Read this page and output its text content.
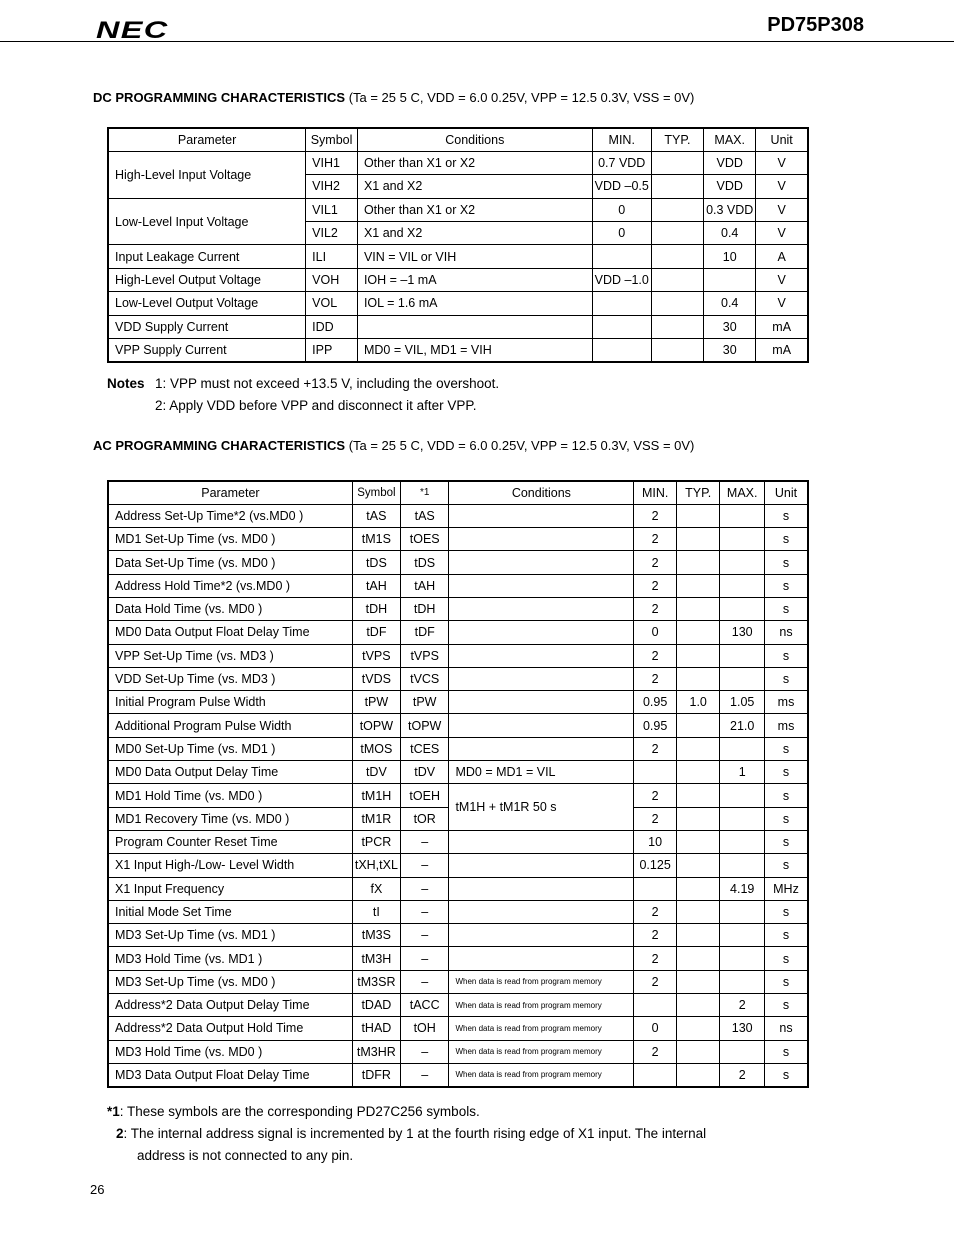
NEC	PD75P308
DC PROGRAMMING CHARACTERISTICS (Ta = 25 5 C, VDD = 6.0 0.25V, VPP = 12.5 0.3V, VSS = 0V)
Parameter	Symbol	Conditions	MIN.	TYP.	MAX.	Unit
High-Level Input Voltage	VIH1	Other than X1 or X2	0.7 VDD		VDD	V
	VIH2	X1 and X2	VDD –0.5		VDD	V
Low-Level Input Voltage	VIL1	Other than X1 or X2	0		0.3 VDD	V
	VIL2	X1 and X2	0		0.4	V
Input Leakage Current	ILI	VIN = VIL or VIH			10	A
High-Level Output Voltage	VOH	IOH = –1 mA	VDD –1.0			V
Low-Level Output Voltage	VOL	IOL = 1.6 mA			0.4	V
VDD Supply Current	IDD				30	mA
VPP Supply Current	IPP	MD0 = VIL, MD1 = VIH			30	mA
Notes 1: VPP must not exceed +13.5 V, including the overshoot.
2: Apply VDD before VPP and disconnect it after VPP.
AC PROGRAMMING CHARACTERISTICS (Ta = 25 5 C, VDD = 6.0 0.25V, VPP = 12.5 0.3V, VSS = 0V)
Parameter	Symbol	*1	Conditions	MIN.	TYP.	MAX.	Unit
Address Set-Up Time*2 (vs.MD0 )	tAS	tAS		2			s
MD1 Set-Up Time (vs. MD0 )	tM1S	tOES		2			s
Data Set-Up Time (vs. MD0 )	tDS	tDS		2			s
Address Hold Time*2 (vs.MD0 )	tAH	tAH		2			s
Data Hold Time (vs. MD0 )	tDH	tDH		2			s
MD0 Data Output Float Delay Time	tDF	tDF		0		130	ns
VPP Set-Up Time (vs. MD3 )	tVPS	tVPS		2			s
VDD Set-Up Time (vs. MD3 )	tVDS	tVCS		2			s
Initial Program Pulse Width	tPW	tPW		0.95	1.0	1.05	ms
Additional Program Pulse Width	tOPW	tOPW		0.95		21.0	ms
MD0 Set-Up Time (vs. MD1 )	tMOS	tCES		2			s
MD0 Data Output Delay Time	tDV	tDV	MD0 = MD1 = VIL			1	s
MD1 Hold Time (vs. MD0 )	tM1H	tOEH	tM1H + tM1R 50 s	2			s
MD1 Recovery Time (vs. MD0 )	tM1R	tOR		2			s
Program Counter Reset Time	tPCR	–		10			s
X1 Input High-/Low- Level Width	tXH,tXL	–		0.125			s
X1 Input Frequency	fX	–				4.19	MHz
Initial Mode Set Time	tI	–		2			s
MD3 Set-Up Time (vs. MD1 )	tM3S	–		2			s
MD3 Hold Time (vs. MD1 )	tM3H	–		2			s
MD3 Set-Up Time (vs. MD0 )	tM3SR	–	When data is read from program memory	2			s
Address*2 Data Output Delay Time	tDAD	tACC	When data is read from program memory			2	s
Address*2 Data Output Hold Time	tHAD	tOH	When data is read from program memory	0		130	ns
MD3 Hold Time (vs. MD0 )	tM3HR	–	When data is read from program memory	2			s
MD3 Data Output Float Delay Time	tDFR	–	When data is read from program memory			2	s
*1: These symbols are the corresponding PD27C256 symbols.
2: The internal address signal is incremented by 1 at the fourth rising edge of X1 input. The internal
address is not connected to any pin.
26
